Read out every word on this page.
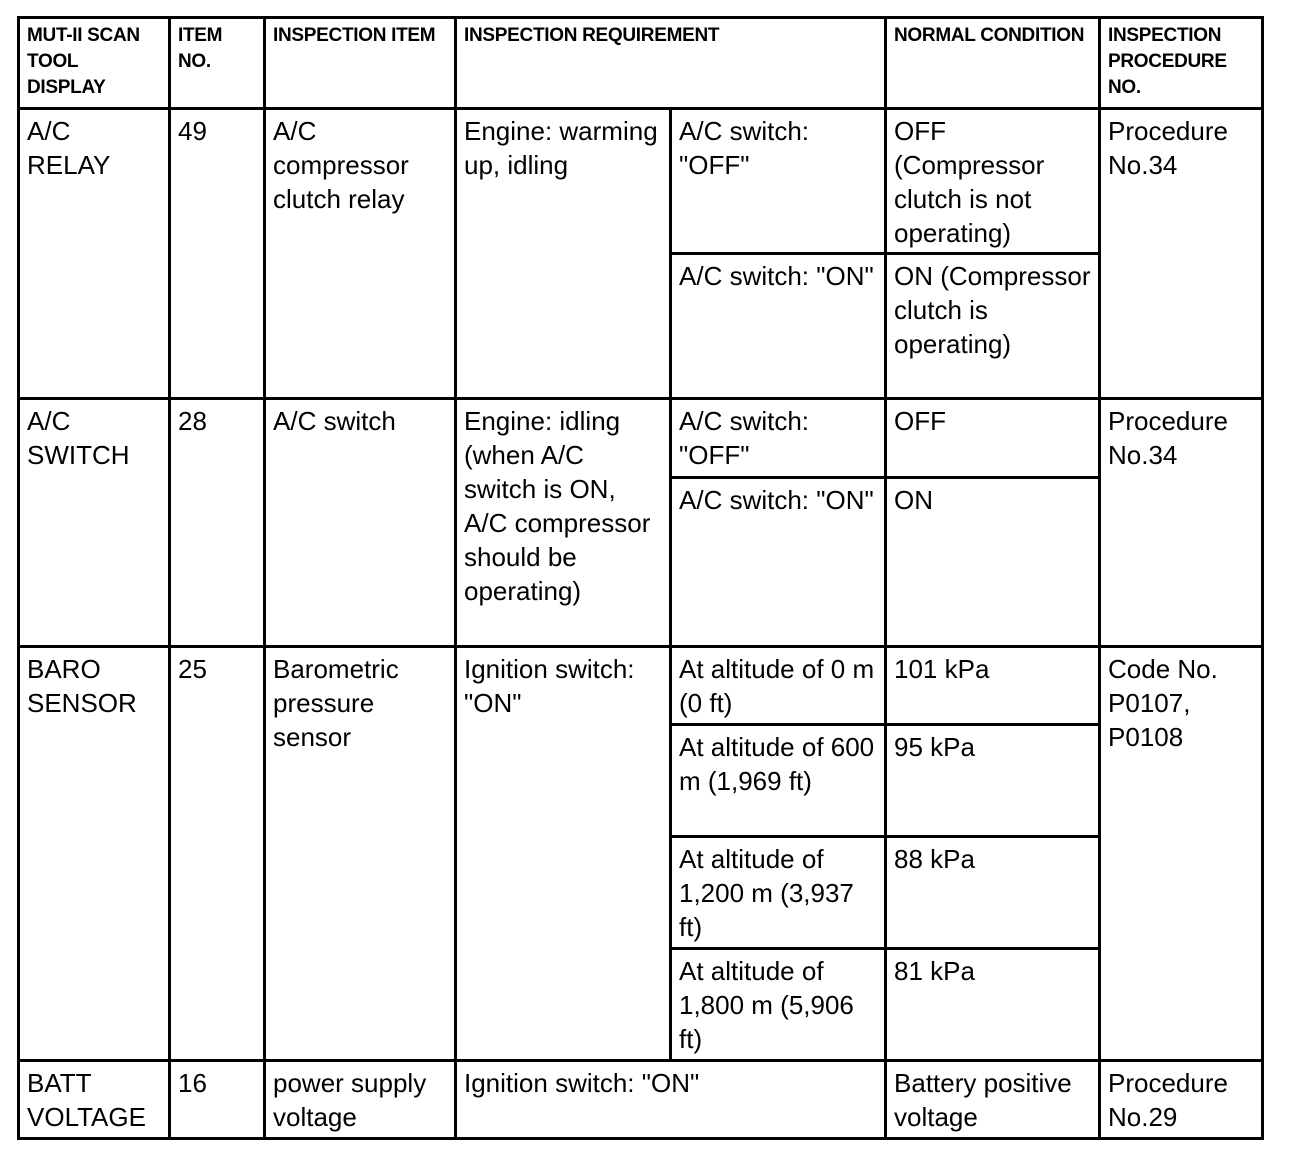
MUT-II SCAN TOOL DISPLAY	ITEM NO.	INSPECTION ITEM	INSPECTION REQUIREMENT		NORMAL CONDITION	INSPECTION PROCEDURE NO.
A/C
RELAY	49	A/C compressor clutch relay	Engine: warming up, idling	A/C switch: "OFF"	OFF (Compressor clutch is not operating)	Procedure No.34
				A/C switch: "ON"	ON (Compressor clutch is operating)	
A/C
SWITCH	28	A/C switch	Engine: idling (when A/C switch is ON, A/C compressor should be operating)	A/C switch: "OFF"	OFF	Procedure No.34
				A/C switch: "ON"	ON	
BARO
SENSOR	25	Barometric pressure sensor	Ignition switch: "ON"	At altitude of 0 m (0 ft)	101 kPa	Code No. P0107, P0108
				At altitude of 600 m (1,969 ft)	95 kPa	
				At altitude of 1,200 m (3,937 ft)	88 kPa	
				At altitude of 1,800 m (5,906 ft)	81 kPa	
BATT
VOLTAGE	16	power supply voltage	Ignition switch: "ON"		Battery positive voltage	Procedure No.29
